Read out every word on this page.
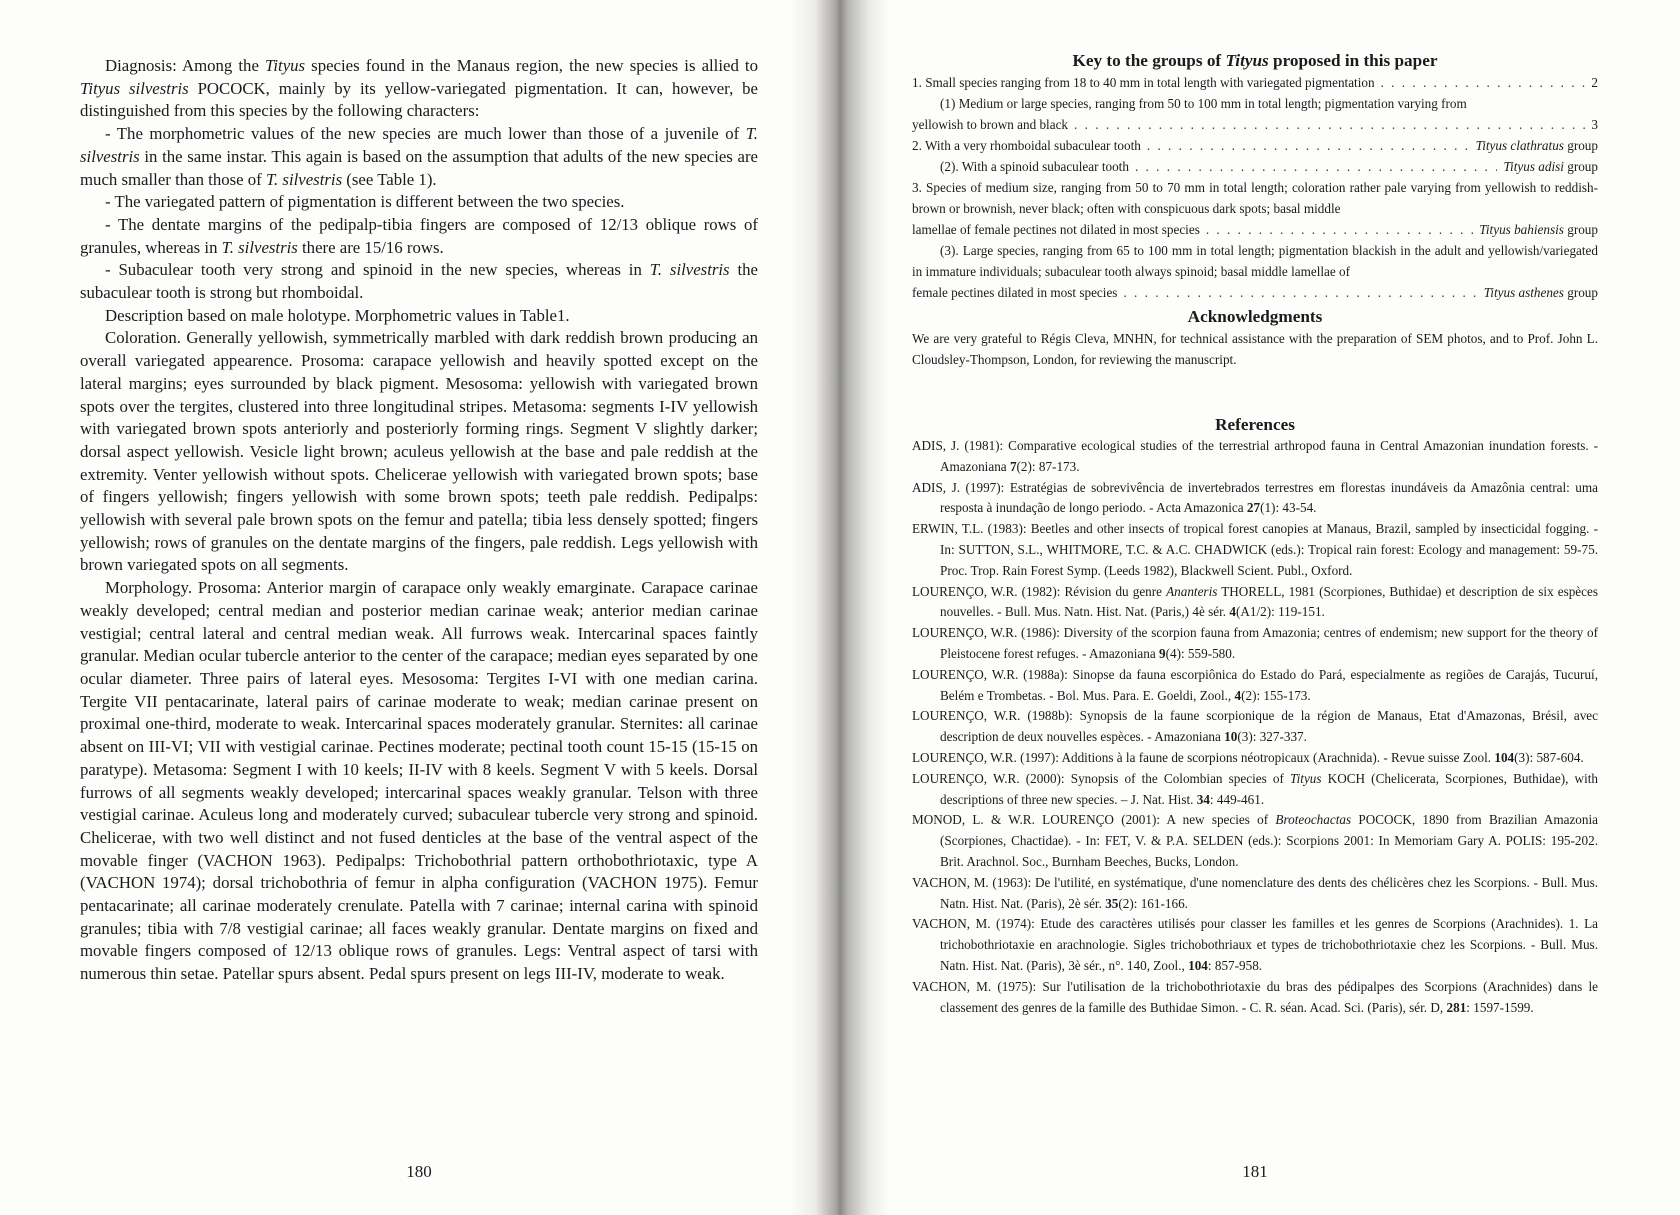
Diagnosis: Among the Tityus species found in the Manaus region, the new species is allied to Tityus silvestris POCOCK, mainly by its yellow-variegated pigmentation. It can, however, be distinguished from this species by the following characters:

- The morphometric values of the new species are much lower than those of a juvenile of T. silvestris in the same instar. This again is based on the assumption that adults of the new species are much smaller than those of T. silvestris (see Table 1).

- The variegated pattern of pigmentation is different between the two species.

- The dentate margins of the pedipalp-tibia fingers are composed of 12/13 oblique rows of granules, whereas in T. silvestris there are 15/16 rows.

- Subaculear tooth very strong and spinoid in the new species, whereas in T. silvestris the subaculear tooth is strong but rhomboidal.

Description based on male holotype. Morphometric values in Table1.

Coloration. Generally yellowish, symmetrically marbled with dark reddish brown producing an overall variegated appearence. Prosoma: carapace yellowish and heavily spotted except on the lateral margins; eyes surrounded by black pigment. Mesosoma: yellowish with variegated brown spots over the tergites, clustered into three longitudinal stripes. Metasoma: segments I-IV yellowish with variegated brown spots anteriorly and posteriorly forming rings. Segment V slightly darker; dorsal aspect yellowish. Vesicle light brown; aculeus yellowish at the base and pale reddish at the extremity. Venter yellowish without spots. Chelicerae yellowish with variegated brown spots; base of fingers yellowish; fingers yellowish with some brown spots; teeth pale reddish. Pedipalps: yellowish with several pale brown spots on the femur and patella; tibia less densely spotted; fingers yellowish; rows of granules on the dentate margins of the fingers, pale reddish. Legs yellowish with brown variegated spots on all segments.

Morphology. Prosoma: Anterior margin of carapace only weakly emarginate. Carapace carinae weakly developed; central median and posterior median carinae weak; anterior median carinae vestigial; central lateral and central median weak. All furrows weak. Intercarinal spaces faintly granular. Median ocular tubercle anterior to the center of the carapace; median eyes separated by one ocular diameter. Three pairs of lateral eyes. Mesosoma: Tergites I-VI with one median carina. Tergite VII pentacarinate, lateral pairs of carinae moderate to weak; median carinae present on proximal one-third, moderate to weak. Intercarinal spaces moderately granular. Sternites: all carinae absent on III-VI; VII with vestigial carinae. Pectines moderate; pectinal tooth count 15-15 (15-15 on paratype). Metasoma: Segment I with 10 keels; II-IV with 8 keels. Segment V with 5 keels. Dorsal furrows of all segments weakly developed; intercarinal spaces weakly granular. Telson with three vestigial carinae. Aculeus long and moderately curved; subaculear tubercle very strong and spinoid. Chelicerae, with two well distinct and not fused denticles at the base of the ventral aspect of the movable finger (VACHON 1963). Pedipalps: Trichobothrial pattern orthobothriotaxic, type A (VACHON 1974); dorsal trichobothria of femur in alpha configuration (VACHON 1975). Femur pentacarinate; all carinae moderately crenulate. Patella with 7 carinae; internal carina with spinoid granules; tibia with 7/8 vestigial carinae; all faces weakly granular. Dentate margins on fixed and movable fingers composed of 12/13 oblique rows of granules. Legs: Ventral aspect of tarsi with numerous thin setae. Patellar spurs absent. Pedal spurs present on legs III-IV, moderate to weak.

180
Key to the groups of Tityus proposed in this paper
1. Small species ranging from 18 to 40 mm in total length with variegated pigmentation . . .	2
(1) Medium or large species, ranging from 50 to 100 mm in total length; pigmentation varying from
yellowish to brown and black . . .	3
2. With a very rhomboidal subaculear tooth . . .	Tityus clathratus group
(2). With a spinoid subaculear tooth . . .	Tityus adisi group
3. Species of medium size, ranging from 50 to 70 mm in total length; coloration rather pale varying from yellowish to reddish-brown or brownish, never black; often with conspicuous dark spots; basal middle
lamellae of female pectines not dilated in most species . . .	Tityus bahiensis group
(3). Large species, ranging from 65 to 100 mm in total length; pigmentation blackish in the adult and yellowish/variegated in immature individuals; subaculear tooth always spinoid; basal middle lamellae of
female pectines dilated in most species . . .	Tityus asthenes group
Acknowledgments
We are very grateful to Régis Cleva, MNHN, for technical assistance with the preparation of SEM photos, and to Prof. John L. Cloudsley-Thompson, London, for reviewing the manuscript.
References
ADIS, J. (1981): Comparative ecological studies of the terrestrial arthropod fauna in Central Amazonian inundation forests. - Amazoniana 7(2): 87-173.
ADIS, J. (1997): Estratégias de sobrevivência de invertebrados terrestres em florestas inundáveis da Amazônia central: uma resposta à inundação de longo periodo. - Acta Amazonica 27(1): 43-54.
ERWIN, T.L. (1983): Beetles and other insects of tropical forest canopies at Manaus, Brazil, sampled by insecticidal fogging. - In: SUTTON, S.L., WHITMORE, T.C. & A.C. CHADWICK (eds.): Tropical rain forest: Ecology and management: 59-75. Proc. Trop. Rain Forest Symp. (Leeds 1982), Blackwell Scient. Publ., Oxford.
LOURENÇO, W.R. (1982): Révision du genre Ananteris THORELL, 1981 (Scorpiones, Buthidae) et description de six espèces nouvelles. - Bull. Mus. Natn. Hist. Nat. (Paris,) 4è sér. 4(A1/2): 119-151.
LOURENÇO, W.R. (1986): Diversity of the scorpion fauna from Amazonia; centres of endemism; new support for the theory of Pleistocene forest refuges. - Amazoniana 9(4): 559-580.
LOURENÇO, W.R. (1988a): Sinopse da fauna escorpiônica do Estado do Pará, especialmente as regiões de Carajás, Tucuruí, Belém e Trombetas. - Bol. Mus. Para. E. Goeldi, Zool., 4(2): 155-173.
LOURENÇO, W.R. (1988b): Synopsis de la faune scorpionique de la région de Manaus, Etat d'Amazonas, Brésil, avec description de deux nouvelles espèces. - Amazoniana 10(3): 327-337.
LOURENÇO, W.R. (1997): Additions à la faune de scorpions néotropicaux (Arachnida). - Revue suisse Zool. 104(3): 587-604.
LOURENÇO, W.R. (2000): Synopsis of the Colombian species of Tityus KOCH (Chelicerata, Scorpiones, Buthidae), with descriptions of three new species. – J. Nat. Hist. 34: 449-461.
MONOD, L. & W.R. LOURENÇO (2001): A new species of Broteochactas POCOCK, 1890 from Brazilian Amazonia (Scorpiones, Chactidae). - In: FET, V. & P.A. SELDEN (eds.): Scorpions 2001: In Memoriam Gary A. POLIS: 195-202. Brit. Arachnol. Soc., Burnham Beeches, Bucks, London.
VACHON, M. (1963): De l'utilité, en systématique, d'une nomenclature des dents des chélicères chez les Scorpions. - Bull. Mus. Natn. Hist. Nat. (Paris), 2è sér. 35(2): 161-166.
VACHON, M. (1974): Etude des caractères utilisés pour classer les familles et les genres de Scorpions (Arachnides). 1. La trichobothriotaxie en arachnologie. Sigles trichobothriaux et types de trichobothriotaxie chez les Scorpions. - Bull. Mus. Natn. Hist. Nat. (Paris), 3è sér., n°. 140, Zool., 104: 857-958.
VACHON, M. (1975): Sur l'utilisation de la trichobothriotaxie du bras des pédipalpes des Scorpions (Arachnides) dans le classement des genres de la famille des Buthidae Simon. - C. R. séan. Acad. Sci. (Paris), sér. D, 281: 1597-1599.
181
